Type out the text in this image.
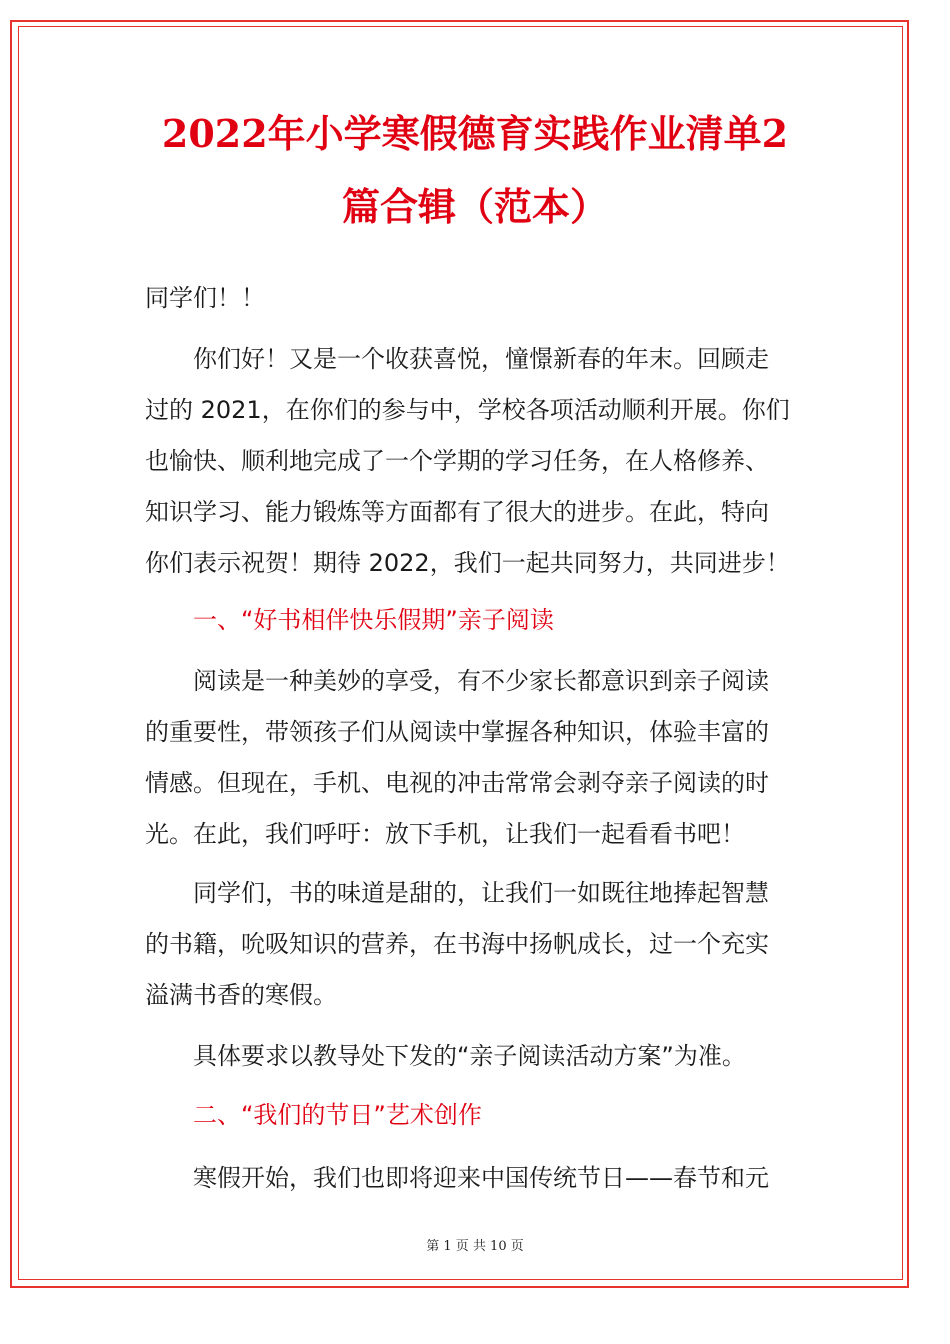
2022年小学寒假德育实践作业清单2
篇合辑（范本）
同学们！！
你们好！又是一个收获喜悦，憧憬新春的年末。回顾走
过的 2021，在你们的参与中，学校各项活动顺利开展。你们
也愉快、顺利地完成了一个学期的学习任务，在人格修养、
知识学习、能力锻炼等方面都有了很大的进步。在此，特向
你们表示祝贺！期待 2022，我们一起共同努力，共同进步！
一、“好书相伴快乐假期”亲子阅读
阅读是一种美妙的享受，有不少家长都意识到亲子阅读
的重要性，带领孩子们从阅读中掌握各种知识，体验丰富的
情感。但现在，手机、电视的冲击常常会剥夺亲子阅读的时
光。在此，我们呼吁：放下手机，让我们一起看看书吧！
同学们，书的味道是甜的，让我们一如既往地捧起智慧
的书籍，吮吸知识的营养，在书海中扬帆成长，过一个充实
溢满书香的寒假。
具体要求以教导处下发的“亲子阅读活动方案”为准。
二、“我们的节日”艺术创作
寒假开始，我们也即将迎来中国传统节日——春节和元
第 1 页 共 10 页
